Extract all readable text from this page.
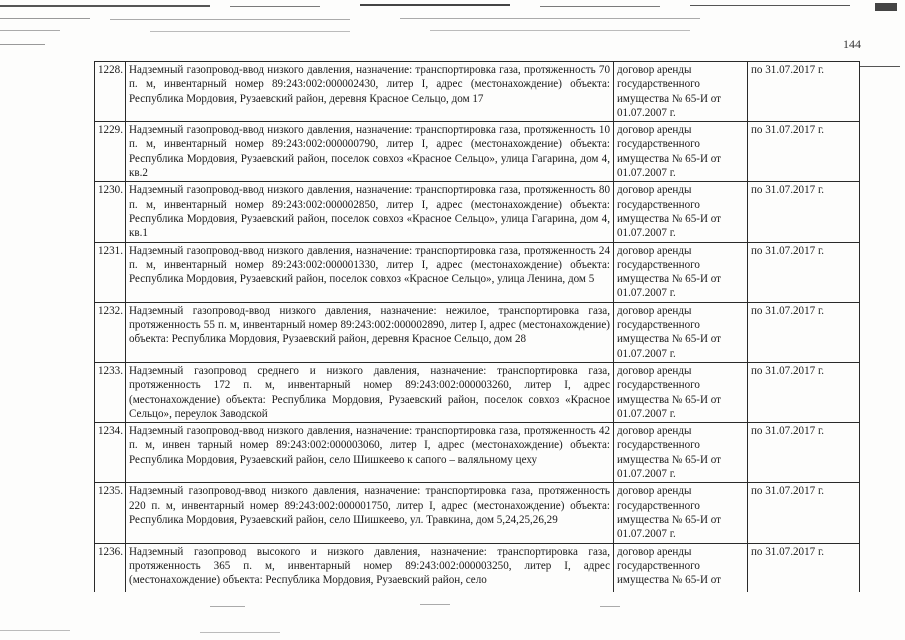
144
1228.	Надземный газопровод-ввод низкого давления, назначение: транспортировка газа, протяженность 70 п. м, инвентарный номер 89:243:002:000002430, литер I, адрес (местонахождение) объекта: Республика Мордовия, Рузаевский район, деревня Красное Сельцо, дом 17	договор аренды государственного имущества № 65-И от 01.07.2007 г.	по 31.07.2017 г.
1229.	Надземный газопровод-ввод низкого давления, назначение: транспортировка газа, протяженность 10 п. м, инвентарный номер 89:243:002:000000790, литер I, адрес (местонахождение) объекта: Республика Мордовия, Рузаевский район, поселок совхоз «Красное Сельцо», улица Гагарина, дом 4, кв.2	договор аренды государственного имущества № 65-И от 01.07.2007 г.	по 31.07.2017 г.
1230.	Надземный газопровод-ввод низкого давления, назначение: транспортировка газа, протяженность 80 п. м, инвентарный номер 89:243:002:000002850, литер I, адрес (местонахождение) объекта: Республика Мордовия, Рузаевский район, поселок совхоз «Красное Сельцо», улица Гагарина, дом 4, кв.1	договор аренды государственного имущества № 65-И от 01.07.2007 г.	по 31.07.2017 г.
1231.	Надземный газопровод-ввод низкого давления, назначение: транспортировка газа, протяженность 24 п. м, инвентарный номер 89:243:002:000001330, литер I, адрес (местонахождение) объекта: Республика Мордовия, Рузаевский район, поселок совхоз «Красное Сельцо», улица Ленина, дом 5	договор аренды государственного имущества № 65-И от 01.07.2007 г.	по 31.07.2017 г.
1232.	Надземный газопровод-ввод низкого давления, назначение: нежилое, транспортировка газа, протяженность 55 п. м, инвентарный номер 89:243:002:000002890, литер I, адрес (местонахождение) объекта: Республика Мордовия, Рузаевский район, деревня Красное Сельцо, дом 28	договор аренды государственного имущества № 65-И от 01.07.2007 г.	по 31.07.2017 г.
1233.	Надземный газопровод среднего и низкого давления, назначение: транспортировка газа, протяженность 172 п. м, инвентарный номер 89:243:002:000003260, литер I, адрес (местонахождение) объекта: Республика Мордовия, Рузаевский район, поселок совхоз «Красное Сельцо», переулок Заводской	договор аренды государственного имущества № 65-И от 01.07.2007 г.	по 31.07.2017 г.
1234.	Надземный газопровод-ввод низкого давления, назначение: транспортировка газа, протяженность 42 п. м, инвен тарный номер 89:243:002:000003060, литер I, адрес (местонахождение) объекта: Республика Мордовия, Рузаевский район, село Шишкеево к сапого – валяльному цеху	договор аренды государственного имущества № 65-И от 01.07.2007 г.	по 31.07.2017 г.
1235.	Надземный газопровод-ввод низкого давления, назначение: транспортировка газа, протяженность 220 п. м, инвентарный номер 89:243:002:000001750, литер I, адрес (местонахождение) объекта: Республика Мордовия, Рузаевский район, село Шишкеево, ул. Травкина, дом 5,24,25,26,29	договор аренды государственного имущества № 65-И от 01.07.2007 г.	по 31.07.2017 г.
1236.	Надземный газопровод высокого и низкого давления, назначение: транспортировка газа, протяженность 365 п. м, инвентарный номер 89:243:002:000003250, литер I, адрес (местонахождение) объекта: Республика Мордовия, Рузаевский район, село	договор аренды государственного имущества № 65-И от	по 31.07.2017 г.
